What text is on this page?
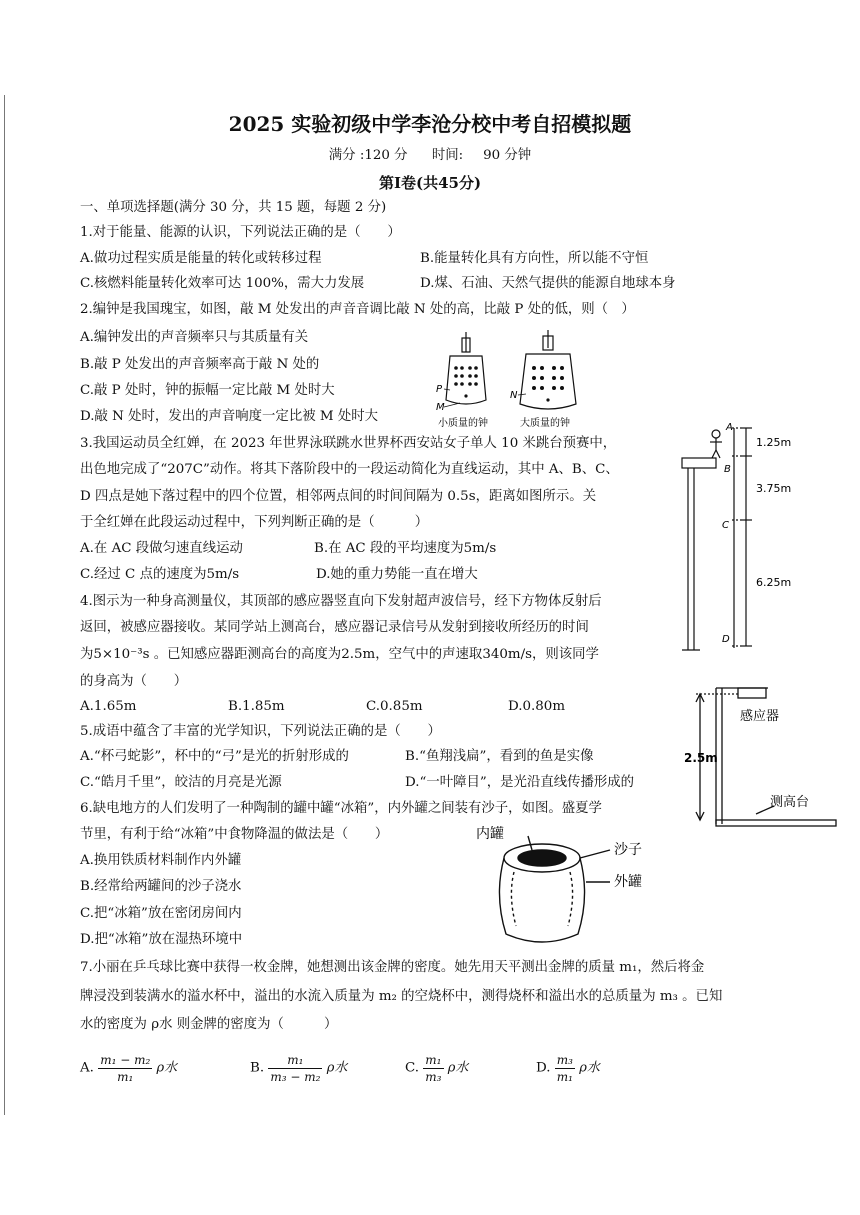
2025 实验初级中学李沧分校中考自招模拟题
满分 :120 分 时间: 90 分钟
第I卷(共45分)
一、单项选择题(满分 30 分，共 15 题，每题 2 分)
1.对于能量、能源的认识，下列说法正确的是（　　）
A.做功过程实质是能量的转化或转移过程	B.能量转化具有方向性，所以能不守恒
C.核燃料能量转化效率可达 100%，需大力发展	D.煤、石油、天然气提供的能源自地球本身
2.编钟是我国瑰宝，如图，敲 M 处发出的声音音调比敲 N 处的高，比敲 P 处的低，则（　）
A.编钟发出的声音频率只与其质量有关
B.敲 P 处发出的声音频率高于敲 N 处的
C.敲 P 处时，钟的振幅一定比敲 M 处时大
D.敲 N 处时，发出的声音响度一定比被 M 处时大
P
M
小质量的钟
N
大质量的钟
3.我国运动员全红婵，在 2023 年世界泳联跳水世界杯西安站女子单人 10 米跳台预赛中，
出色地完成了“207C”动作。将其下落阶段中的一段运动简化为直线运动，其中 A、B、C、
D 四点是她下落过程中的四个位置，相邻两点间的时间间隔为 0.5s，距离如图所示。关
于全红婵在此段运动过程中，下列判断正确的是（　　　）
A.在 AC 段做匀速直线运动	B.在 AC 段的平均速度为5m/s
C.经过 C 点的速度为5m/s	D.她的重力势能一直在增大
A
B
C
D
1.25m
3.75m
6.25m
4.图示为一种身高测量仪，其顶部的感应器竖直向下发射超声波信号，经下方物体反射后
返回，被感应器接收。某同学站上测高台，感应器记录信号从发射到接收所经历的时间
为5×10⁻³s 。已知感应器距测高台的高度为2.5m，空气中的声速取340m/s，则该同学
的身高为（　　）
A.1.65m	B.1.85m	C.0.85m	D.0.80m
感应器
2.5m
测高台
5.成语中蕴含了丰富的光学知识，下列说法正确的是（　　）
A.“杯弓蛇影”，杯中的“弓”是光的折射形成的	B.“鱼翔浅扁”，看到的鱼是实像
C.“皓月千里”，皎洁的月亮是光源	D.“一叶障目”，是光沿直线传播形成的
6.缺电地方的人们发明了一种陶制的罐中罐“冰箱”，内外罐之间装有沙子，如图。盛夏学
节里，有利于给“冰箱”中食物降温的做法是（　　）
A.换用铁质材料制作内外罐
B.经常给两罐间的沙子浇水
C.把“冰箱”放在密闭房间内
D.把“冰箱”放在湿热环境中
内罐
沙子
外罐
7.小丽在乒乓球比赛中获得一枚金牌，她想测出该金牌的密度。她先用天平测出金牌的质量 m₁，然后将金
牌浸没到装满水的溢水杯中，溢出的水流入质量为 m₂ 的空烧杯中，测得烧杯和溢出水的总质量为 m₃ 。已知
水的密度为 ρ水 则金牌的密度为（　　　）
A. $\frac{\text{m₁ − m₂}}{\text{m₁}}$ ρ水	B. $\frac{\text{m₁}}{\text{m₃ − m₂}}$ ρ水	C. $\frac{\text{m₁}}{\text{m₃}}$ ρ水	D. $\frac{\text{m₃}}{\text{m₁}}$ ρ水
